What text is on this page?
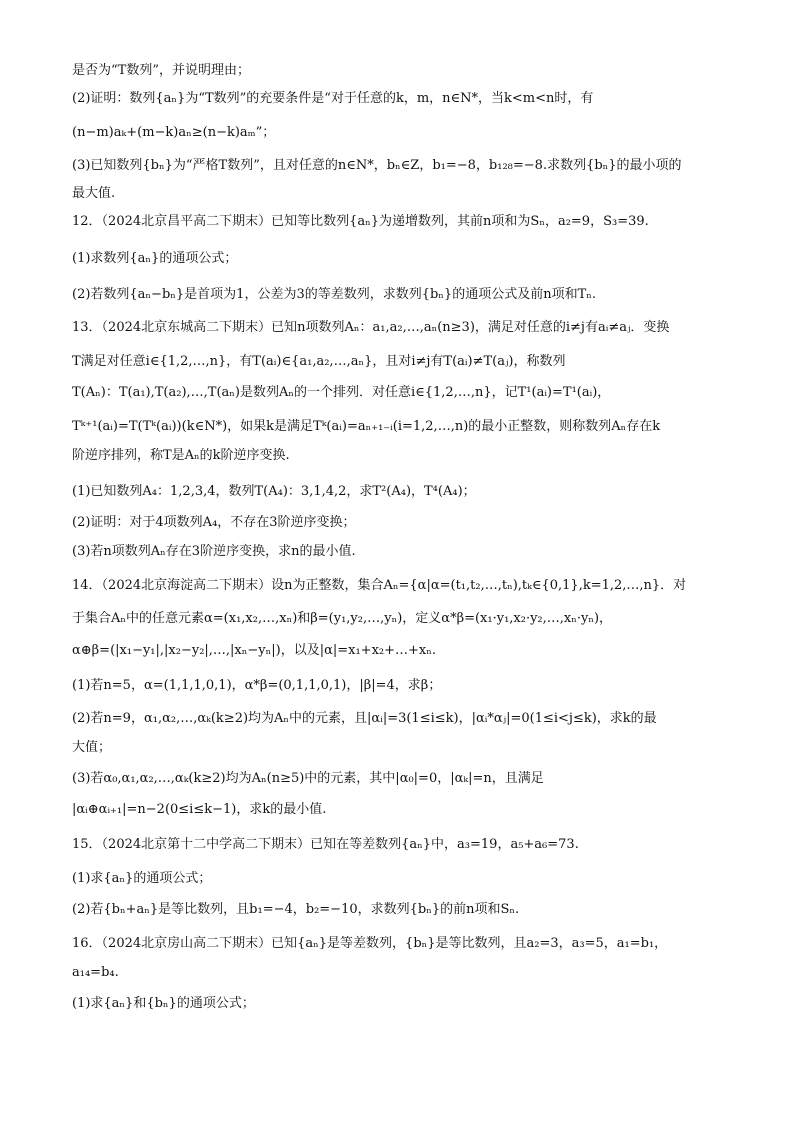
是否为“T数列”，并说明理由；
(2)证明：数列{aₙ}为“T数列”的充要条件是“对于任意的k，m，n∈N*，当k<m<n时，有
(n−m)aₖ+(m−k)aₙ≥(n−k)aₘ”；
(3)已知数列{bₙ}为“严格T数列”，且对任意的n∈N*，bₙ∈Z，b₁=−8，b₁₂₈=−8.求数列{bₙ}的最小项的
最大值.
12．（2024北京昌平高二下期末）已知等比数列{aₙ}为递增数列，其前n项和为Sₙ，a₂=9，S₃=39.
(1)求数列{aₙ}的通项公式；
(2)若数列{aₙ−bₙ}是首项为1，公差为3的等差数列，求数列{bₙ}的通项公式及前n项和Tₙ.
13．（2024北京东城高二下期末）已知n项数列Aₙ：a₁,a₂,…,aₙ(n≥3)，满足对任意的i≠j有aᵢ≠aⱼ．变换
T满足对任意i∈{1,2,…,n}，有T(aᵢ)∈{a₁,a₂,…,aₙ}，且对i≠j有T(aᵢ)≠T(aⱼ)，称数列
T(Aₙ)：T(a₁),T(a₂),…,T(aₙ)是数列Aₙ的一个排列．对任意i∈{1,2,…,n}，记T¹(aᵢ)=T¹(aᵢ)，
Tᵏ⁺¹(aᵢ)=T(Tᵏ(aᵢ))(k∈N*)，如果k是满足Tᵏ(aᵢ)=aₙ₊₁₋ᵢ(i=1,2,…,n)的最小正整数，则称数列Aₙ存在k
阶逆序排列，称T是Aₙ的k阶逆序变换.
(1)已知数列A₄：1,2,3,4，数列T(A₄)：3,1,4,2，求T²(A₄)，T⁴(A₄)；
(2)证明：对于4项数列A₄，不存在3阶逆序变换；
(3)若n项数列Aₙ存在3阶逆序变换，求n的最小值.
14．（2024北京海淀高二下期末）设n为正整数，集合Aₙ={α|α=(t₁,t₂,…,tₙ),tₖ∈{0,1},k=1,2,…,n}．对
于集合Aₙ中的任意元素α=(x₁,x₂,…,xₙ)和β=(y₁,y₂,…,yₙ)，定义α*β=(x₁·y₁,x₂·y₂,…,xₙ·yₙ)，
α⊕β=(|x₁−y₁|,|x₂−y₂|,…,|xₙ−yₙ|)，以及|α|=x₁+x₂+…+xₙ.
(1)若n=5，α=(1,1,1,0,1)，α*β=(0,1,1,0,1)，|β|=4，求β；
(2)若n=9，α₁,α₂,…,αₖ(k≥2)均为Aₙ中的元素，且|αᵢ|=3(1≤i≤k)，|αᵢ*αⱼ|=0(1≤i<j≤k)，求k的最
大值；
(3)若α₀,α₁,α₂,…,αₖ(k≥2)均为Aₙ(n≥5)中的元素，其中|α₀|=0，|αₖ|=n，且满足
|αᵢ⊕αᵢ₊₁|=n−2(0≤i≤k−1)，求k的最小值.
15．（2024北京第十二中学高二下期末）已知在等差数列{aₙ}中，a₃=19，a₅+a₆=73.
(1)求{aₙ}的通项公式；
(2)若{bₙ+aₙ}是等比数列，且b₁=−4，b₂=−10，求数列{bₙ}的前n项和Sₙ.
16．（2024北京房山高二下期末）已知{aₙ}是等差数列，{bₙ}是等比数列，且a₂=3，a₃=5，a₁=b₁，
a₁₄=b₄.
(1)求{aₙ}和{bₙ}的通项公式；
